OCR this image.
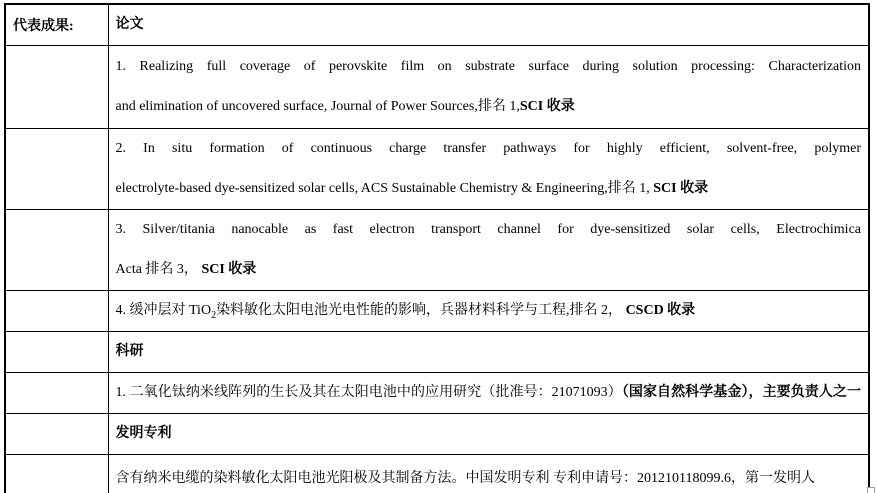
代表成果:	论文

	1. Realizing full coverage of perovskite film on substrate surface during solution processing: Characterization
and elimination of uncovered surface, Journal of Power Sources,排名 1,SCI 收录

	2. In situ formation of continuous charge transfer pathways for highly efficient, solvent-free, polymer
electrolyte-based dye-sensitized solar cells, ACS Sustainable Chemistry & Engineering,排名 1, SCI 收录

	3. Silver/titania nanocable as fast electron transport channel for dye-sensitized solar cells, Electrochimica
Acta 排名 3， SCI 收录

	4. 缓冲层对 TiO$_2$染料敏化太阳电池光电性能的影响，兵器材料科学与工程,排名 2， CSCD 收录

	科研

	1. 二氧化钛纳米线阵列的生长及其在太阳电池中的应用研究（批准号：21071093）（国家自然科学基金），主要负责人之一

	发明专利

	含有纳米电缆的染料敏化太阳电池光阳极及其制备方法。中国发明专利 专利申请号：201210118099.6，第一发明人
